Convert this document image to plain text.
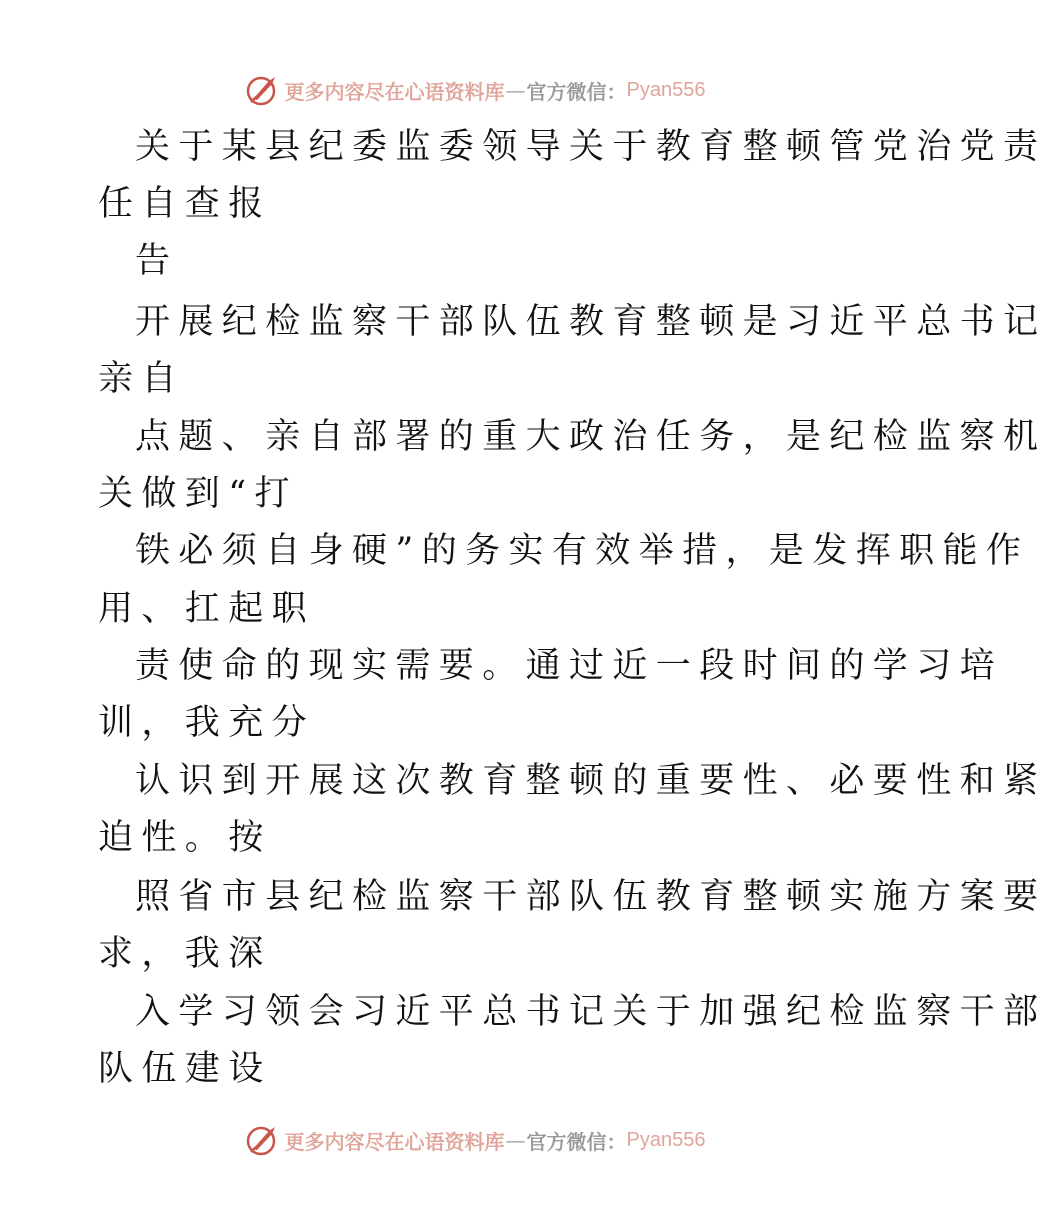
更多内容尽在心语资料库 — 官方微信： Pyan556
关于某县纪委监委领导关于教育整顿管党治党责
任自查报
告
开展纪检监察干部队伍教育整顿是习近平总书记
亲自
点题、亲自部署的重大政治任务，是纪检监察机
关做到“打
铁必须自身硬”的务实有效举措，是发挥职能作
用、扛起职
责使命的现实需要。通过近一段时间的学习培
训，我充分
认识到开展这次教育整顿的重要性、必要性和紧
迫性。按
照省市县纪检监察干部队伍教育整顿实施方案要
求，我深
入学习领会习近平总书记关于加强纪检监察干部
队伍建设
更多内容尽在心语资料库 — 官方微信： Pyan556
